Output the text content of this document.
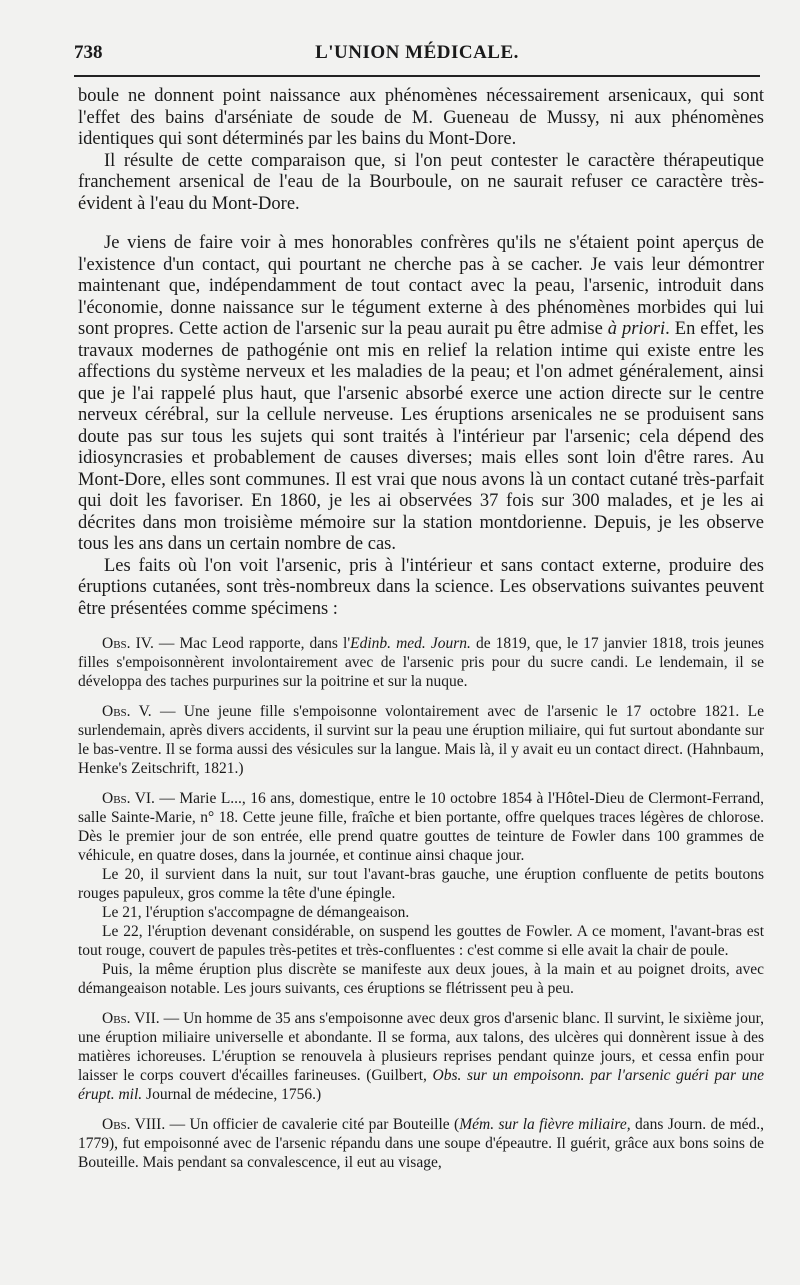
738	L'UNION MÉDICALE.

boule ne donnent point naissance aux phénomènes nécessairement arsenicaux, qui sont l'effet des bains d'arséniate de soude de M. Gueneau de Mussy, ni aux phénomènes identiques qui sont déterminés par les bains du Mont-Dore.

Il résulte de cette comparaison que, si l'on peut contester le caractère thérapeutique franchement arsenical de l'eau de la Bourboule, on ne saurait refuser ce caractère très-évident à l'eau du Mont-Dore.

Je viens de faire voir à mes honorables confrères qu'ils ne s'étaient point aperçus de l'existence d'un contact, qui pourtant ne cherche pas à se cacher. Je vais leur démontrer maintenant que, indépendamment de tout contact avec la peau, l'arsenic, introduit dans l'économie, donne naissance sur le tégument externe à des phénomènes morbides qui lui sont propres. Cette action de l'arsenic sur la peau aurait pu être admise à priori. En effet, les travaux modernes de pathogénie ont mis en relief la relation intime qui existe entre les affections du système nerveux et les maladies de la peau; et l'on admet généralement, ainsi que je l'ai rappelé plus haut, que l'arsenic absorbé exerce une action directe sur le centre nerveux cérébral, sur la cellule nerveuse. Les éruptions arsenicales ne se produisent sans doute pas sur tous les sujets qui sont traités à l'intérieur par l'arsenic; cela dépend des idiosyncrasies et probablement de causes diverses; mais elles sont loin d'être rares. Au Mont-Dore, elles sont communes. Il est vrai que nous avons là un contact cutané très-parfait qui doit les favoriser. En 1860, je les ai observées 37 fois sur 300 malades, et je les ai décrites dans mon troisième mémoire sur la station montdorienne. Depuis, je les observe tous les ans dans un certain nombre de cas.

Les faits où l'on voit l'arsenic, pris à l'intérieur et sans contact externe, produire des éruptions cutanées, sont très-nombreux dans la science. Les observations suivantes peuvent être présentées comme spécimens :

Obs. IV. — Mac Leod rapporte, dans l'Edinb. med. Journ. de 1819, que, le 17 janvier 1818, trois jeunes filles s'empoisonnèrent involontairement avec de l'arsenic pris pour du sucre candi. Le lendemain, il se développa des taches purpurines sur la poitrine et sur la nuque.

Obs. V. — Une jeune fille s'empoisonne volontairement avec de l'arsenic le 17 octobre 1821. Le surlendemain, après divers accidents, il survint sur la peau une éruption miliaire, qui fut surtout abondante sur le bas-ventre. Il se forma aussi des vésicules sur la langue. Mais là, il y avait eu un contact direct. (Hahnbaum, Henke's Zeitschrift, 1821.)

Obs. VI. — Marie L..., 16 ans, domestique, entre le 10 octobre 1854 à l'Hôtel-Dieu de Clermont-Ferrand, salle Sainte-Marie, n° 18. Cette jeune fille, fraîche et bien portante, offre quelques traces légères de chlorose. Dès le premier jour de son entrée, elle prend quatre gouttes de teinture de Fowler dans 100 grammes de véhicule, en quatre doses, dans la journée, et continue ainsi chaque jour.

Le 20, il survient dans la nuit, sur tout l'avant-bras gauche, une éruption confluente de petits boutons rouges papuleux, gros comme la tête d'une épingle.

Le 21, l'éruption s'accompagne de démangeaison.

Le 22, l'éruption devenant considérable, on suspend les gouttes de Fowler. A ce moment, l'avant-bras est tout rouge, couvert de papules très-petites et très-confluentes : c'est comme si elle avait la chair de poule.

Puis, la même éruption plus discrète se manifeste aux deux joues, à la main et au poignet droits, avec démangeaison notable. Les jours suivants, ces éruptions se flétrissent peu à peu.

Obs. VII. — Un homme de 35 ans s'empoisonne avec deux gros d'arsenic blanc. Il survint, le sixième jour, une éruption miliaire universelle et abondante. Il se forma, aux talons, des ulcères qui donnèrent issue à des matières ichoreuses. L'éruption se renouvela à plusieurs reprises pendant quinze jours, et cessa enfin pour laisser le corps couvert d'écailles farineuses. (Guilbert, Obs. sur un empoisonn. par l'arsenic guéri par une érupt. mil. Journal de médecine, 1756.)

Obs. VIII. — Un officier de cavalerie cité par Bouteille (Mém. sur la fièvre miliaire, dans Journ. de méd., 1779), fut empoisonné avec de l'arsenic répandu dans une soupe d'épeautre. Il guérit, grâce aux bons soins de Bouteille. Mais pendant sa convalescence, il eut au visage,
